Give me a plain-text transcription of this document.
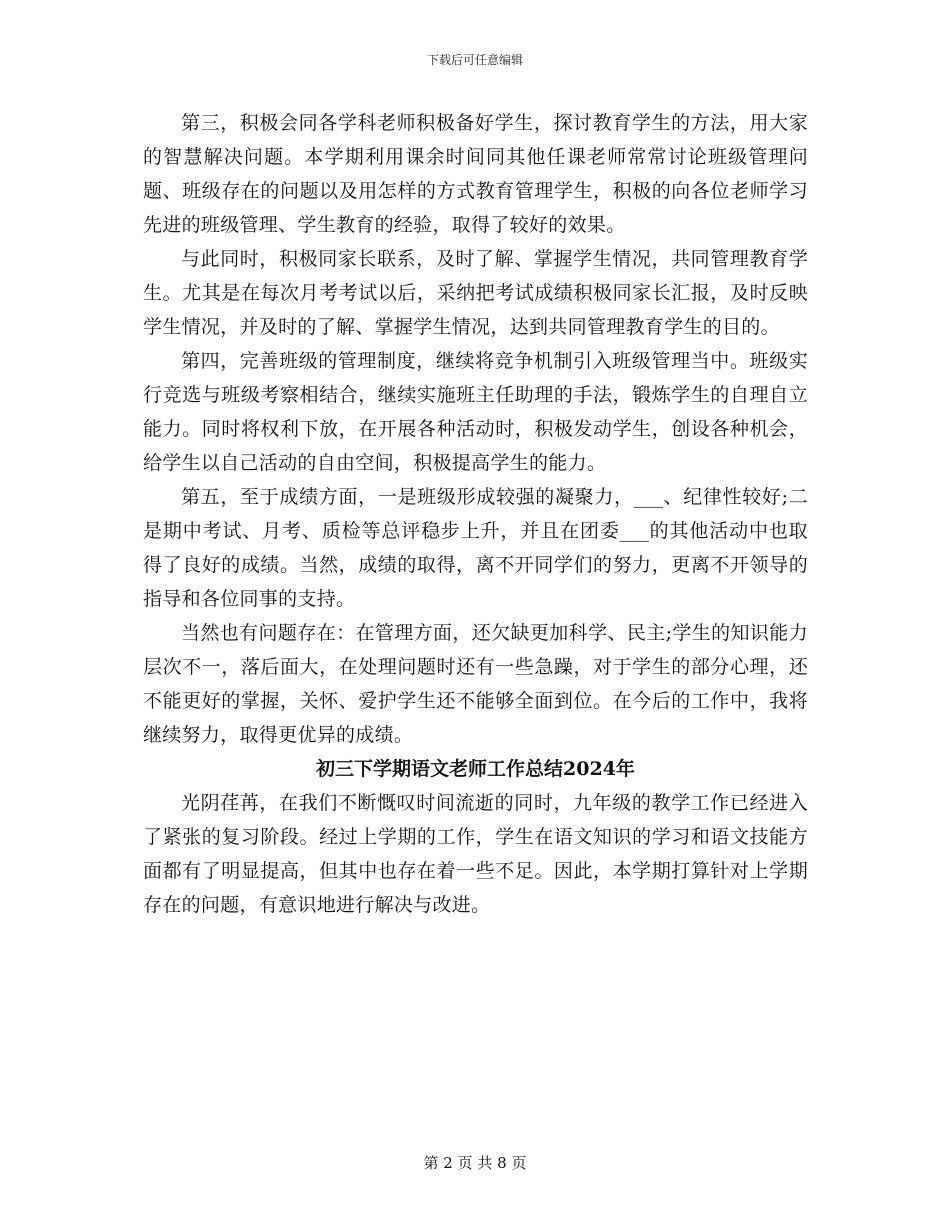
下载后可任意编辑

第三，积极会同各学科老师积极备好学生，探讨教育学生的方法，用大家的智慧解决问题。本学期利用课余时间同其他任课老师常常讨论班级管理问题、班级存在的问题以及用怎样的方式教育管理学生，积极的向各位老师学习先进的班级管理、学生教育的经验，取得了较好的效果。

与此同时，积极同家长联系，及时了解、掌握学生情况，共同管理教育学生。尤其是在每次月考考试以后，采纳把考试成绩积极同家长汇报，及时反映学生情况，并及时的了解、掌握学生情况，达到共同管理教育学生的目的。

第四，完善班级的管理制度，继续将竞争机制引入班级管理当中。班级实行竞选与班级考察相结合，继续实施班主任助理的手法，锻炼学生的自理自立能力。同时将权利下放，在开展各种活动时，积极发动学生，创设各种机会，给学生以自己活动的自由空间，积极提高学生的能力。

第五，至于成绩方面，一是班级形成较强的凝聚力，___、纪律性较好;二是期中考试、月考、质检等总评稳步上升，并且在团委___的其他活动中也取得了良好的成绩。当然，成绩的取得，离不开同学们的努力，更离不开领导的指导和各位同事的支持。

当然也有问题存在：在管理方面，还欠缺更加科学、民主;学生的知识能力层次不一，落后面大，在处理问题时还有一些急躁，对于学生的部分心理，还不能更好的掌握，关怀、爱护学生还不能够全面到位。在今后的工作中，我将继续努力，取得更优异的成绩。

初三下学期语文老师工作总结2024年

光阴荏苒，在我们不断慨叹时间流逝的同时，九年级的教学工作已经进入了紧张的复习阶段。经过上学期的工作，学生在语文知识的学习和语文技能方面都有了明显提高，但其中也存在着一些不足。因此，本学期打算针对上学期存在的问题，有意识地进行解决与改进。

第 2 页 共 8 页
